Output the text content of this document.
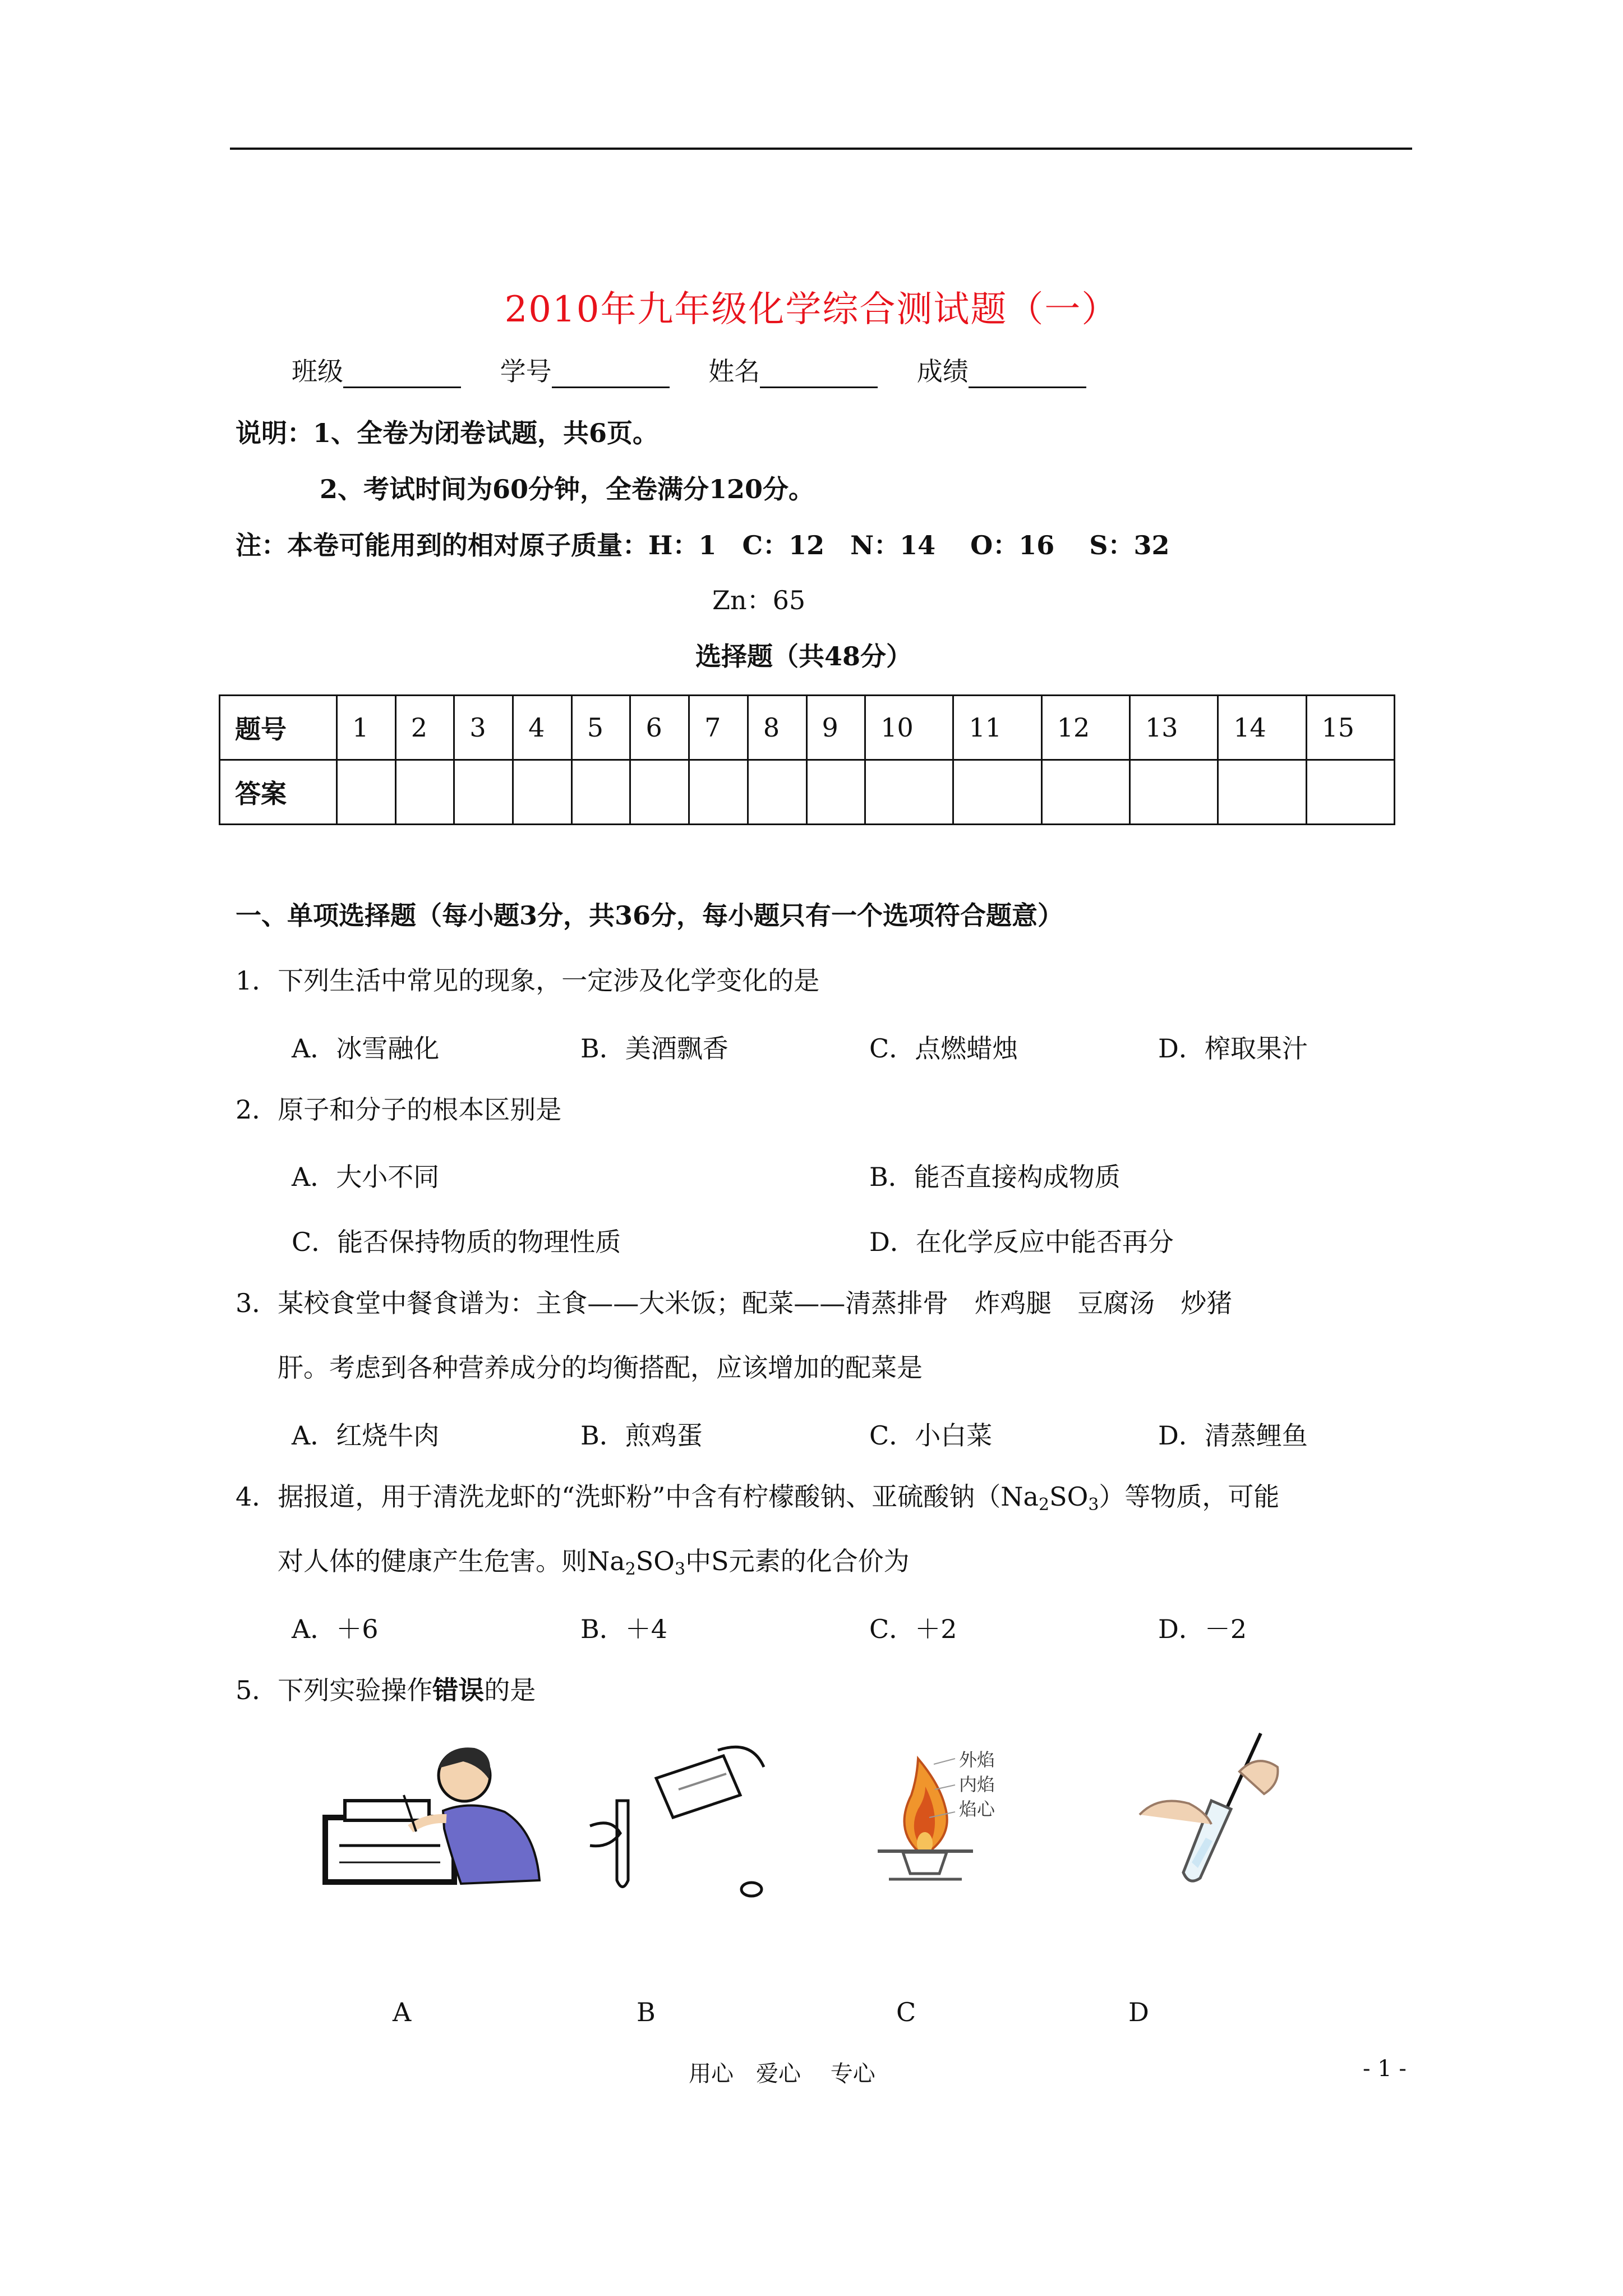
2010年九年级化学综合测试题（一）
班级	学号	姓名	成绩
说明：1、全卷为闭卷试题，共6页。
2、考试时间为60分钟，全卷满分120分。
注：本卷可能用到的相对原子质量：H：1　C：12　N：14　 O：16　 S：32
Zn：65
选择题（共48分）
题号	1	2	3	4	5	6	7	8	9	10	11	12	13	14	15
答案															
一、单项选择题（每小题3分，共36分，每小题只有一个选项符合题意）
1．下列生活中常见的现象，一定涉及化学变化的是
A．冰雪融化	B．美酒飘香	C．点燃蜡烛	D．榨取果汁
2．原子和分子的根本区别是
A．大小不同	B．能否直接构成物质
C．能否保持物质的物理性质	D．在化学反应中能否再分
3．某校食堂中餐食谱为：主食——大米饭；配菜——清蒸排骨　炸鸡腿　豆腐汤　炒猪
肝。考虑到各种营养成分的均衡搭配，应该增加的配菜是
A．红烧牛肉	B．煎鸡蛋	C．小白菜	D．清蒸鲤鱼
4．据报道，用于清洗龙虾的“洗虾粉”中含有柠檬酸钠、亚硫酸钠$(Na_2SO_3)$等物质，可能
对人体的健康产生危害。则$Na_2SO_3$中S元素的化合价为
A．＋6	B．＋4	C．＋2	D．－2
5．下列实验操作错误的是
外焰
内焰
焰心
A	B	C	D
用心　爱心　 专心	- 1 -
